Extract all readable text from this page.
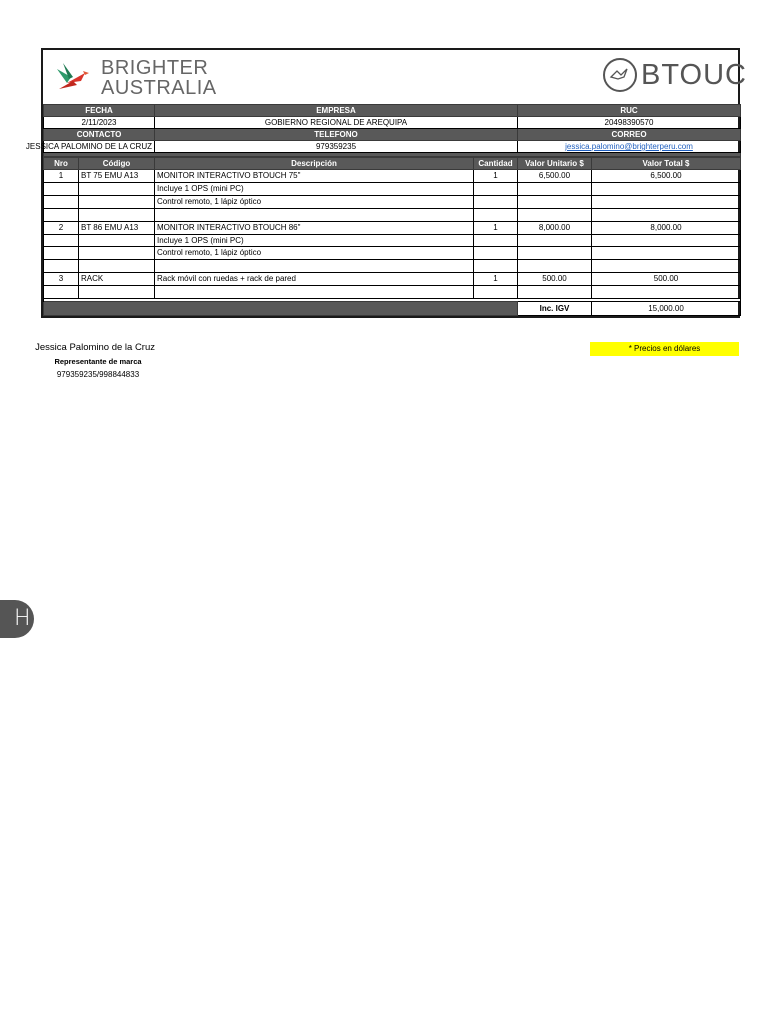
BRIGHTER
AUSTRALIA	BTOUC
FECHA	EMPRESA	RUC
2/11/2023	GOBIERNO REGIONAL DE AREQUIPA	20498390570
CONTACTO	TELEFONO	CORREO
JESSICA PALOMINO DE LA CRUZ	979359235	jessica.palomino@brighterperu.com

Nro	Código	Descripción	Cantidad	Valor Unitario $	Valor Total $
1	BT 75 EMU A13	MONITOR INTERACTIVO BTOUCH 75"	1	6,500.00	6,500.00
		Incluye 1 OPS (mini PC)			
		Control remoto, 1 lápiz óptico			

2	BT 86 EMU A13	MONITOR INTERACTIVO BTOUCH 86"	1	8,000.00	8,000.00
		Incluye 1 OPS (mini PC)			
		Control remoto, 1 lápiz óptico			

3	RACK	Rack móvil con ruedas + rack de pared	1	500.00	500.00

				Inc. IGV	15,000.00
Jessica Palomino de la Cruz
Representante de marca
979359235/998844833
* Precios en dólares
H
